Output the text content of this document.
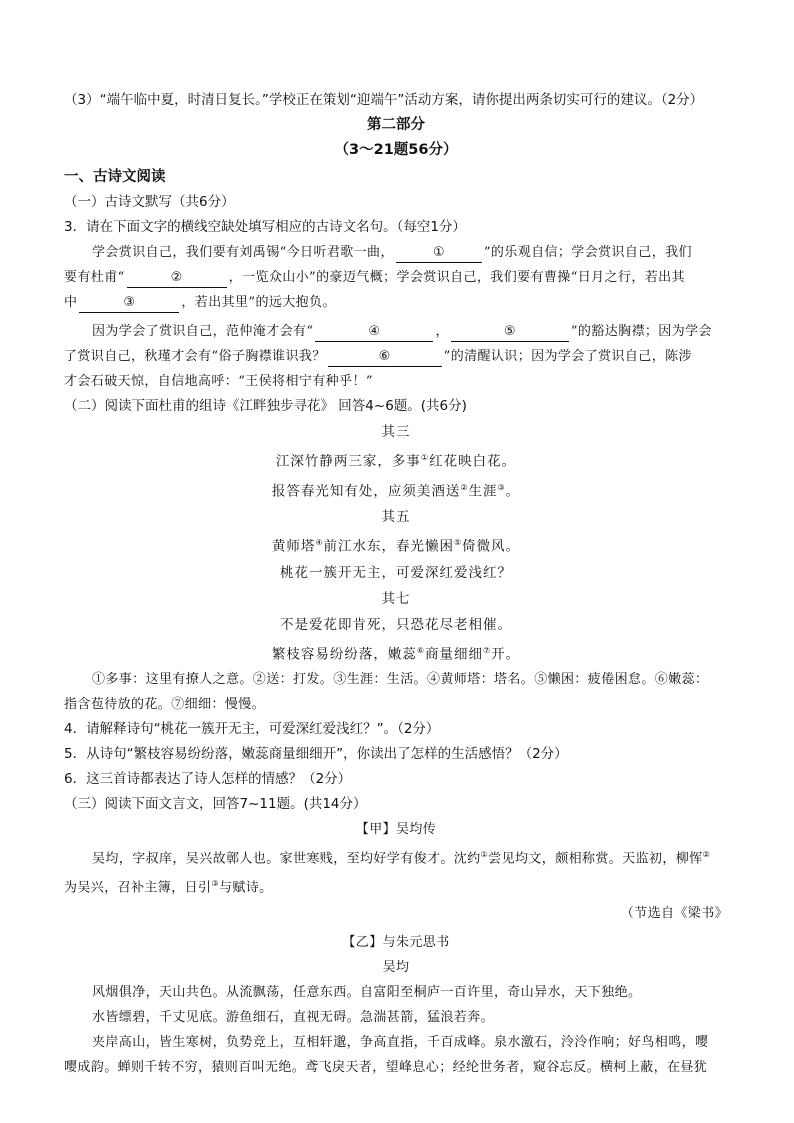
（3）“端午临中夏，时清日复长。”学校正在策划“迎端午”活动方案，请你提出两条切实可行的建议。（2分）
第二部分
（3～21题56分）
一、古诗文阅读
（一）古诗文默写（共6分）
3．请在下面文字的横线空缺处填写相应的古诗文名句。（每空1分）
学会赏识自己，我们要有刘禹锡“今日听君歌一曲，	①	”的乐观自信；学会赏识自己，我们
要有杜甫“	②	，一览众山小”的豪迈气概；学会赏识自己，我们要有曹操“日月之行，若出其
中	③	，若出其里”的远大抱负。
因为学会了赏识自己，范仲淹才会有“	④	，	⑤	”的豁达胸襟；因为学会
了赏识自己，秋瑾才会有“俗子胸襟谁识我？	⑥	”的清醒认识；因为学会了赏识自己，陈涉
才会石破天惊，自信地高呼：“王侯将相宁有种乎！”
（二）阅读下面杜甫的组诗《江畔独步寻花》 回答4~6题。(共6分)
其三
江深竹静两三家，多事①红花映白花。
报答春光知有处，应须美酒送②生涯③。
其五
黄师塔④前江水东，春光懒困⑤倚微风。
桃花一簇开无主，可爱深红爱浅红？
其七
不是爱花即肯死，只恐花尽老相催。
繁枝容易纷纷落，嫩蕊⑥商量细细⑦开。
①多事：这里有撩人之意。②送：打发。③生涯：生活。④黄师塔：塔名。⑤懒困：疲倦困怠。⑥嫩蕊：
指含苞待放的花。⑦细细：慢慢。
4．请解释诗句“桃花一簇开无主，可爱深红爱浅红？”。（2分）
5．从诗句“繁枝容易纷纷落，嫩蕊商量细细开”，你读出了怎样的生活感悟？（2分）
6．这三首诗都表达了诗人怎样的情感？（2分）
（三）阅读下面文言文，回答7~11题。(共14分）
【甲】吴均传
吴均，字叔庠，吴兴故鄣人也。家世寒贱，至均好学有俊才。沈约①尝见均文，颇相称赏。天监初，柳恽②
为吴兴，召补主簿，日引③与赋诗。
（节选自《梁书》
【乙】与朱元思书
吴均
风烟俱净，天山共色。从流飘荡，任意东西。自富阳至桐庐一百许里，奇山异水，天下独绝。
水皆缥碧，千丈见底。游鱼细石，直视无碍。急湍甚箭，猛浪若奔。
夹岸高山，皆生寒树，负势竞上，互相轩邈，争高直指，千百成峰。泉水激石，泠泠作响；好鸟相鸣，嘤
嘤成韵。蝉则千转不穷，猿则百叫无绝。鸢飞戾天者，望峰息心；经纶世务者，窥谷忘反。横柯上蔽，在昼犹
